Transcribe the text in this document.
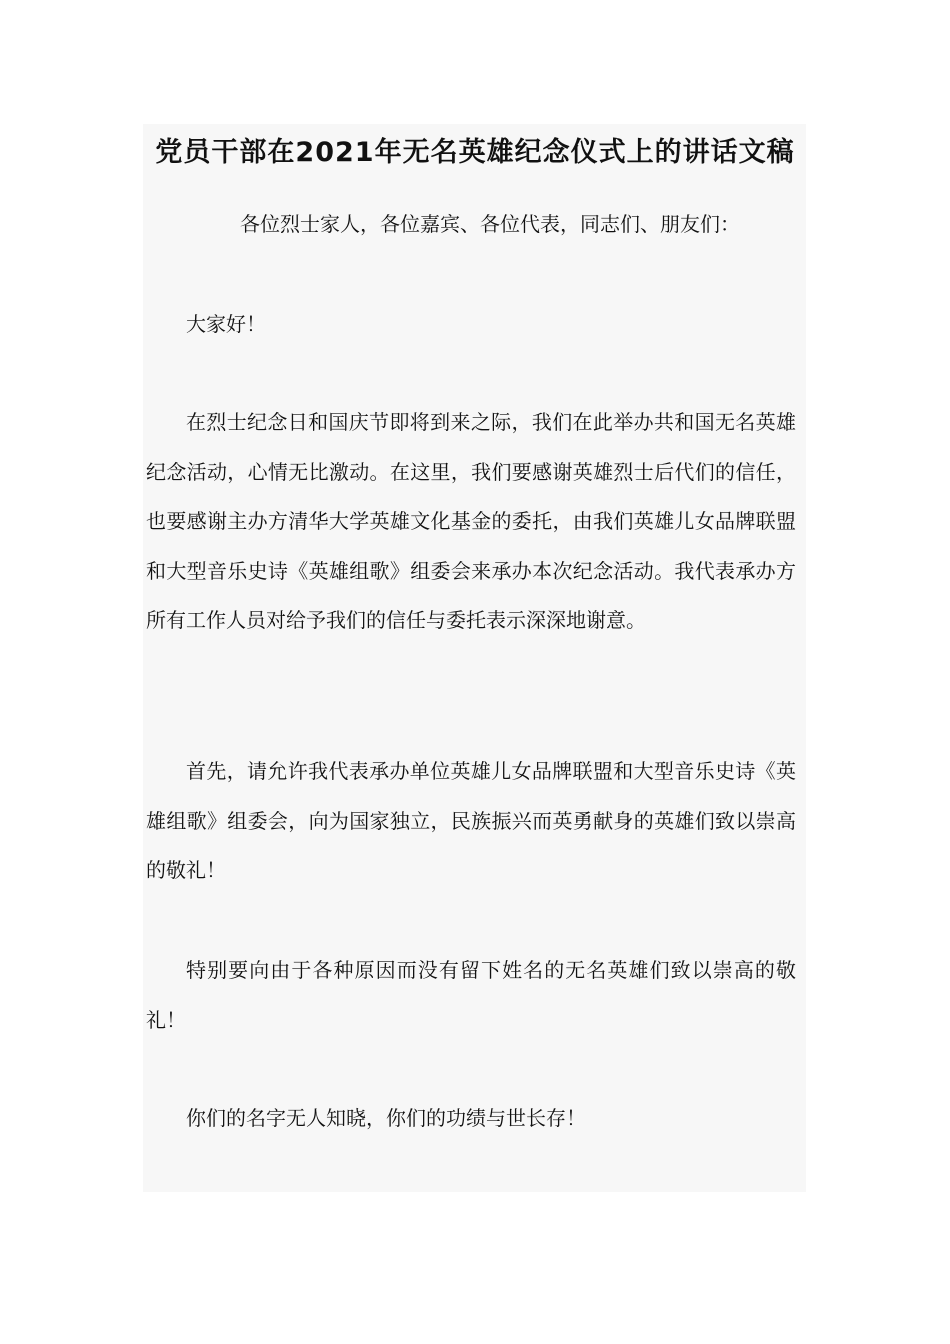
党员干部在2021年无名英雄纪念仪式上的讲话文稿

各位烈士家人，各位嘉宾、各位代表，同志们、朋友们：

大家好！

在烈士纪念日和国庆节即将到来之际，我们在此举办共和国无名英雄纪念活动，心情无比激动。在这里，我们要感谢英雄烈士后代们的信任，也要感谢主办方清华大学英雄文化基金的委托，由我们英雄儿女品牌联盟和大型音乐史诗《英雄组歌》组委会来承办本次纪念活动。我代表承办方所有工作人员对给予我们的信任与委托表示深深地谢意。

首先，请允许我代表承办单位英雄儿女品牌联盟和大型音乐史诗《英雄组歌》组委会，向为国家独立，民族振兴而英勇献身的英雄们致以崇高的敬礼！

特别要向由于各种原因而没有留下姓名的无名英雄们致以崇高的敬礼！

你们的名字无人知晓，你们的功绩与世长存！
